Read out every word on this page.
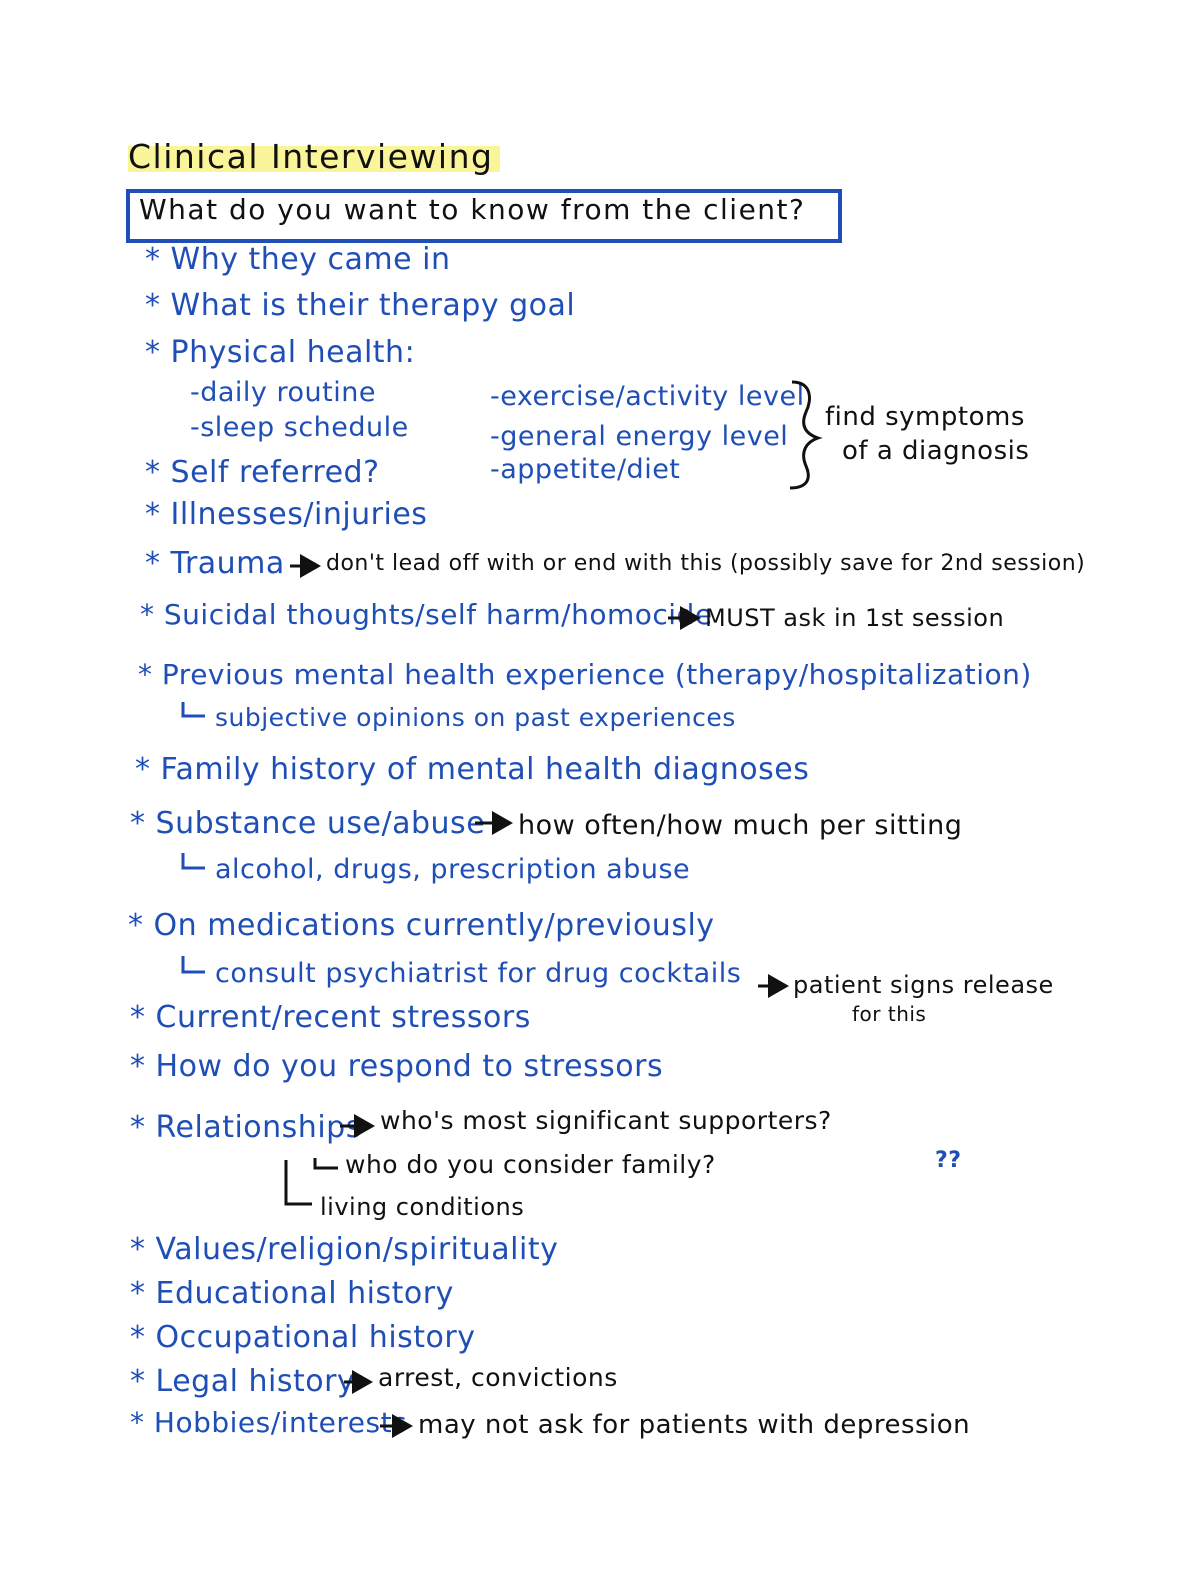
Clinical Interviewing
What do you want to know from the client?
* Why they came in
* What is their therapy goal
* Physical health:
-daily routine
-sleep schedule
-exercise/activity level
-general energy level
-appetite/diet
find symptoms
of a diagnosis
* Self referred?
* Illnesses/injuries
* Trauma don't lead off with or end with this (possibly save for 2nd session)
* Suicidal thoughts/self harm/homocide
MUST ask in 1st session
* Previous mental health experience (therapy/hospitalization)
subjective opinions on past experiences
* Family history of mental health diagnoses
* Substance use/abuse how often/how much per sitting
alcohol, drugs, prescription abuse
* On medications currently/previously
consult psychiatrist for drug cocktails patient signs release
for this
* Current/recent stressors
* How do you respond to stressors
* Relationships who's most significant supporters?
who do you consider family?
living conditions
??
* Values/religion/spirituality
* Educational history
* Occupational history
* Legal history arrest, convictions
* Hobbies/interests may not ask for patients with depression
